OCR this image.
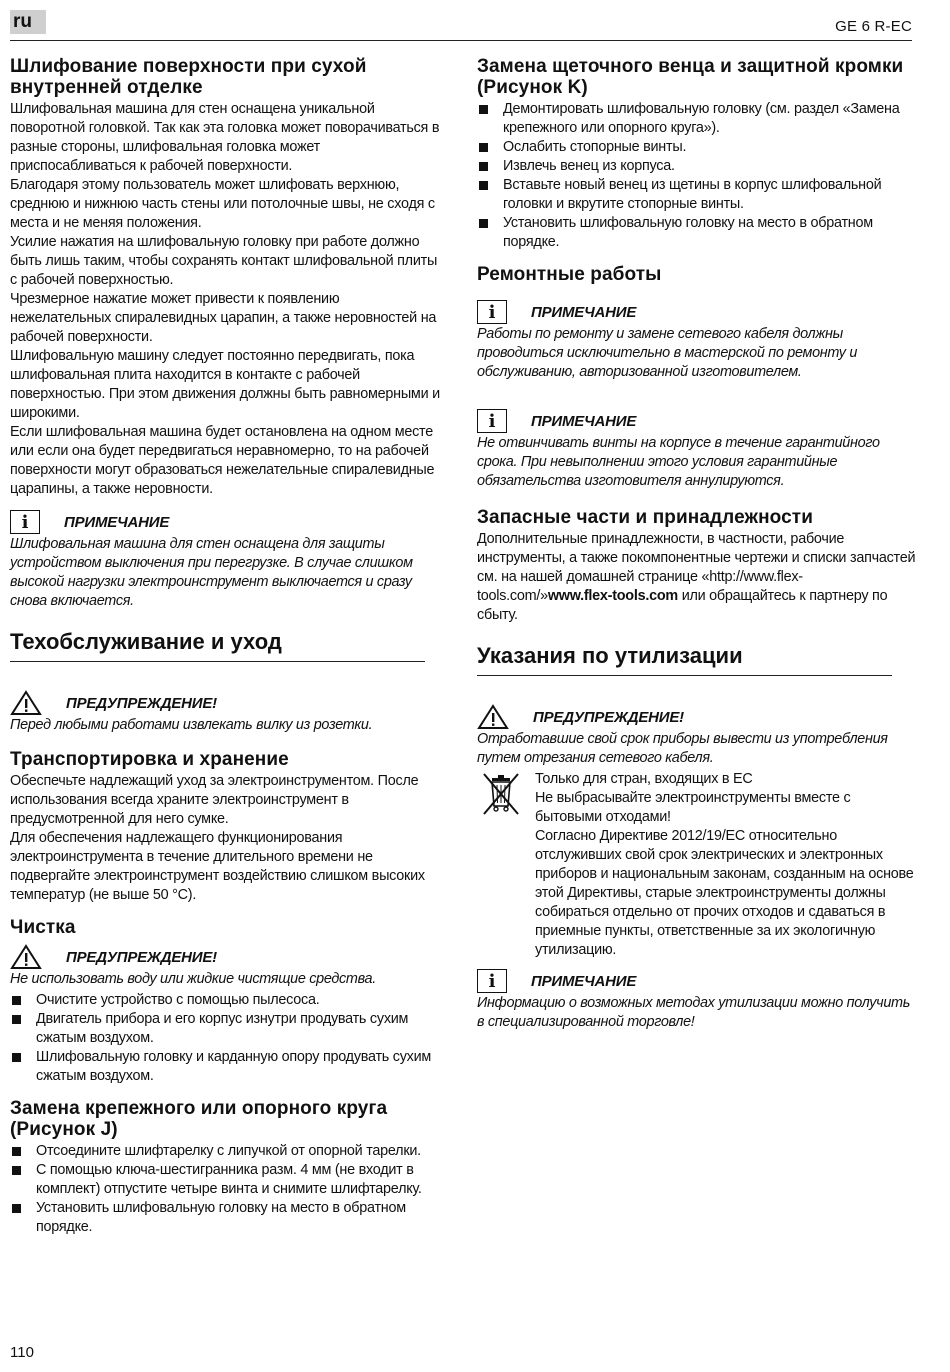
ru	GE 6 R-EC
Шлифование поверхности при сухой внутренней отделке

Шлифовальная машина для стен оснащена уникальной поворотной головкой. Так как эта головка может поворачиваться в разные стороны, шлифовальная головка может приспосабливаться к рабочей поверхности.

Благодаря этому пользователь может шлифовать верхнюю, среднюю и нижнюю часть стены или потолочные швы, не сходя с места и не меняя положения.

Усилие нажатия на шлифовальную головку при работе должно быть лишь таким, чтобы сохранять контакт шлифовальной плиты с рабочей поверхностью.

Чрезмерное нажатие может привести к появлению нежелательных спиралевидных царапин, а также неровностей на рабочей поверхности.

Шлифовальную машину следует постоянно передвигать, пока шлифовальная плита находится в контакте с рабочей поверхностью. При этом движения должны быть равномерными и широкими.

Если шлифовальная машина будет остановлена на одном месте или если она будет передвигаться неравномерно, то на рабочей поверхности могут образоваться нежелательные спиралевидные царапины, а также неровности.

i	ПРИМЕЧАНИЕ

Шлифовальная машина для стен оснащена для защиты устройством выключения при перегрузке. В случае слишком высокой нагрузки электроинструмент выключается и сразу снова включается.

Техобслуживание и уход
ПРЕДУПРЕЖДЕНИЕ!

Перед любыми работами извлекать вилку из розетки.

Транспортировка и хранение

Обеспечьте надлежащий уход за электроинструментом. После использования всегда храните электроинструмент в предусмотренной для него сумке.

Для обеспечения надлежащего функционирования электроинструмента в течение длительного времени не подвергайте электроинструмент воздействию слишком высоких температур (не выше 50 °C).

Чистка
ПРЕДУПРЕЖДЕНИЕ!

Не использовать воду или жидкие чистящие средства.

Очистите устройство с помощью пылесоса.
Двигатель прибора и его корпус изнутри продувать сухим сжатым воздухом.
Шлифовальную головку и карданную опору продувать сухим сжатым воздухом.
Замена крепежного или опорного круга (Рисунок J)
Отсоедините шлифтарелку с липучкой от опорной тарелки.
С помощью ключа-шестигранника разм. 4 мм (не входит в комплект) отпустите четыре винта и снимите шлифтарелку.
Установить шлифовальную головку на место в обратном порядке.
Замена щеточного венца и защитной кромки (Рисунок K)
Демонтировать шлифовальную головку (см. раздел «Замена крепежного или опорного круга»).
Ослабить стопорные винты.
Извлечь венец из корпуса.
Вставьте новый венец из щетины в корпус шлифовальной головки и вкрутите стопорные винты.
Установить шлифовальную головку на место в обратном порядке.
Ремонтные работы
i	ПРИМЕЧАНИЕ

Работы по ремонту и замене сетевого кабеля должны проводиться исключительно в мастерской по ремонту и обслуживанию, авторизованной изготовителем.

i	ПРИМЕЧАНИЕ

Не отвинчивать винты на корпусе в течение гарантийного срока. При невыполнении этого условия гарантийные обязательства изготовителя аннулируются.

Запасные части и принадлежности

Дополнительные принадлежности, в частности, рабочие инструменты, а также покомпонентные чертежи и списки запчастей см. на нашей домашней странице «http://www.flex-tools.com/»www.flex-tools.com или обращайтесь к партнеру по сбыту.

Указания по утилизации
ПРЕДУПРЕЖДЕНИЕ!

Отработавшие свой срок приборы вывести из употребления путем отрезания сетевого кабеля.

Только для стран, входящих в ЕС
Не выбрасывайте электроинструменты вместе с бытовыми отходами!
Согласно Директиве 2012/19/EC относительно отслуживших свой срок электрических и электронных приборов и национальным законам, созданным на основе этой Директивы, старые электроинструменты должны собираться отдельно от прочих отходов и сдаваться в приемные пункты, ответственные за их экологичную утилизацию.
i	ПРИМЕЧАНИЕ

Информацию о возможных методах утилизации можно получить в специализированной торговле!

110
